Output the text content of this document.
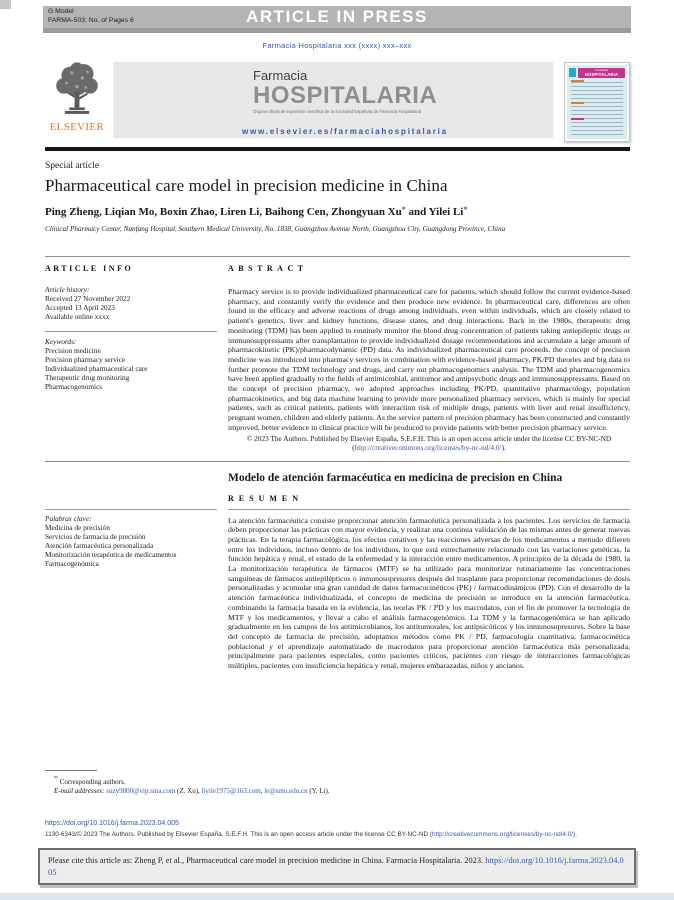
G Model
FARMA-503; No. of Pages 6	ARTICLE IN PRESS
Farmacia Hospitalaria xxx (xxxx) xxx–xxx
ELSEVIER
Farmacia
HOSPITALARIA
Órgano oficial de expresión científica de la Sociedad Española de Farmacia Hospitalaria
www.elsevier.es/farmaciahospitalaria
Farmacia
HOSPITALARIA
Special article
Pharmaceutical care model in precision medicine in China
Ping Zheng, Liqian Mo, Boxin Zhao, Liren Li, Baihong Cen, Zhongyuan Xu* and Yilei Li*
Clinical Pharmacy Center, Nanfang Hospital, Southern Medical University, No. 1838, Guangzhou Avenue North, Guangzhou City, Guangdong Province, China
ARTICLE INFO
Article history:
Received 27 November 2022
Accepted 13 April 2023
Available online xxxx
Keywords:
Precision medicine
Precision pharmacy service
Individualized pharmaceutical care
Therapeutic drug monitoring
Pharmacogenomics
ABSTRACT
Pharmacy service is to provide individualized pharmaceutical care for patients, which should follow the current evidence-based pharmacy, and constantly verify the evidence and then produce new evidence. In pharmaceutical care, differences are often found in the efficacy and adverse reactions of drugs among individuals, even within individuals, which are closely related to patient's genetics, liver and kidney functions, disease states, and drug interactions. Back in the 1980s, therapeutic drug monitoring (TDM) has been applied to routinely monitor the blood drug concentration of patients taking antiepileptic drugs or immunosuppressants after transplantation to provide individualized dosage recommendations and accumulate a large amount of pharmacokinetic (PK)/pharmacodynamic (PD) data. As individualized pharmaceutical care proceeds, the concept of precision medicine was introduced into pharmacy services in combination with evidence-based pharmacy, PK/PD theories and big data to further promote the TDM technology and drugs, and carry out pharmacogenomics analysis. The TDM and pharmacogenomics have been applied gradually to the fields of antimicrobial, antitumor and antipsychotic drugs and immunosuppressants. Based on the concept of precision pharmacy, we adopted approaches including PK/PD, quantitative pharmacology, population pharmacokinetics, and big data machine learning to provide more personalized pharmacy services, which is mainly for special patients, such as critical patients, patients with interaction risk of multiple drugs, patients with liver and renal insufficiency, pregnant women, children and elderly patients. As the service pattern of precision pharmacy has been constructed and constantly improved, better evidence in clinical practice will be produced to provide patients with better precision pharmacy service.
© 2023 The Authors. Published by Elsevier España, S.E.F.H. This is an open access article under the license CC BY-NC-ND (http://creativecommons.org/licenses/by-nc-nd/4.0/).
Modelo de atención farmacéutica en medicina de precision en China
Palabras clave:
Medicina de precisión
Servicios de farmacia de precisión
Atención farmacéutica personalizada
Monitorización terapéutica de medicamentos
Farmacogenómica
RESUMEN
La atención farmacéutica consiste proporcionar atención farmacéutica personalizada a los pacientes. Los servicios de farmacia deben proporcionar las prácticas con mayor evidencia, y realizar una continua validación de las mismas antes de generar nuevas prácticas. En la terapia farmacológica, los efectos curativos y las reacciones adversas de los medicamentos a menudo difieren entre los individuos, incluso dentro de los individuos, lo que está estrechamente relacionado con las variaciones genéticas, la función hepática y renal, el estado de la enfermedad y la interacción entre medicamentos. A principios de la década de 1980, la La monitorización terapéutica de fármacos (MTF) se ha utilizado para monitorizar rutinariamente las concentraciones sanguíneas de fármacos antiepilépticos o inmunosupresores después del trasplante para proporcionar recomendaciones de dosis personalizadas y acumular una gran cantidad de datos farmacocinéticos (PK) / farmacodinámicos (PD). Con el desarrollo de la atención farmacéutica individualizada, el concepto de medicina de precisión se introduce en la atención farmacéutica, combinando la farmacia basada en la evidencia, las teorías PK / PD y los macrodatos, con el fin de promover la tecnología de MTF y los medicamentos, y llevar a cabo el análisis farmacogenómico. La TDM y la farmacogenómica se han aplicado gradualmente en los campos de los antimicrobianos, los antitumorales, los antipsicóticos y los inmunosupresores. Sobre la base del concepto de farmacia de precisión, adoptamos métodos como PK / PD, farmacología cuantitativa, farmacocinética poblacional y el aprendizaje automatizado de macrodatos para proporcionar atención farmacéutica más personalizada, principalmente para pacientes especiales, como pacientes críticos, pacientes con riesgo de interacciones farmacológicas múltiples, pacientes con insuficiencia hepática y renal, mujeres embarazadas, niños y ancianos.
* Corresponding authors.
E-mail addresses: suzy9800@vip.sina.com (Z. Xu), liyile1975@163.com, le@smu.edu.cn (Y. Li).
https://doi.org/10.1016/j.farma.2023.04.005
1130-6343/© 2023 The Authors. Published by Elsevier España, S.E.F.H. This is an open access article under the license CC BY-NC-ND (http://creativecommons.org/licenses/by-nc-nd/4.0/).
Please cite this article as: Zheng P, et al., Pharmaceutical care model in precision medicine in China. Farmacia Hospitalaria. 2023. https://doi.org/10.1016/j.farma.2023.04.005
